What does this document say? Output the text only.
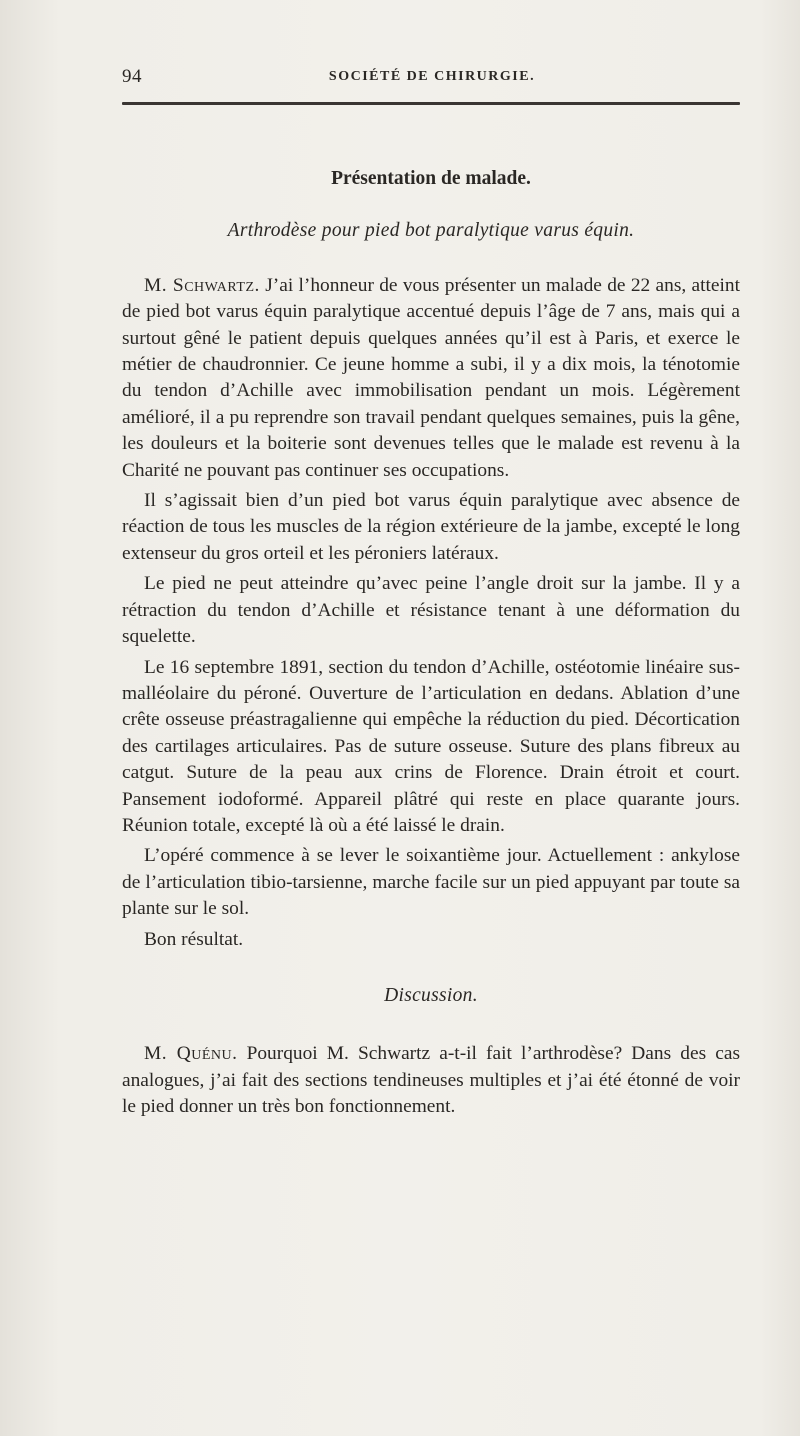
94	SOCIÉTÉ DE CHIRURGIE.
Présentation de malade.
Arthrodèse pour pied bot paralytique varus équin.

M. Schwartz. J’ai l’honneur de vous présenter un malade de 22 ans, atteint de pied bot varus équin paralytique accentué depuis l’âge de 7 ans, mais qui a surtout gêné le patient depuis quelques années qu’il est à Paris, et exerce le métier de chaudronnier. Ce jeune homme a subi, il y a dix mois, la ténotomie du tendon d’Achille avec immobilisation pendant un mois. Légèrement amélioré, il a pu reprendre son travail pendant quelques semaines, puis la gêne, les douleurs et la boiterie sont devenues telles que le malade est revenu à la Charité ne pouvant pas continuer ses occupations.

Il s’agissait bien d’un pied bot varus équin paralytique avec absence de réaction de tous les muscles de la région extérieure de la jambe, excepté le long extenseur du gros orteil et les péroniers latéraux.

Le pied ne peut atteindre qu’avec peine l’angle droit sur la jambe. Il y a rétraction du tendon d’Achille et résistance tenant à une déformation du squelette.

Le 16 septembre 1891, section du tendon d’Achille, ostéotomie linéaire sus-malléolaire du péroné. Ouverture de l’articulation en dedans. Ablation d’une crête osseuse préastragalienne qui empêche la réduction du pied. Décortication des cartilages articulaires. Pas de suture osseuse. Suture des plans fibreux au catgut. Suture de la peau aux crins de Florence. Drain étroit et court. Pansement iodoformé. Appareil plâtré qui reste en place quarante jours. Réunion totale, excepté là où a été laissé le drain.

L’opéré commence à se lever le soixantième jour. Actuellement : ankylose de l’articulation tibio-tarsienne, marche facile sur un pied appuyant par toute sa plante sur le sol.

Bon résultat.

Discussion.

M. Quénu. Pourquoi M. Schwartz a-t-il fait l’arthrodèse? Dans des cas analogues, j’ai fait des sections tendineuses multiples et j’ai été étonné de voir le pied donner un très bon fonctionnement.
